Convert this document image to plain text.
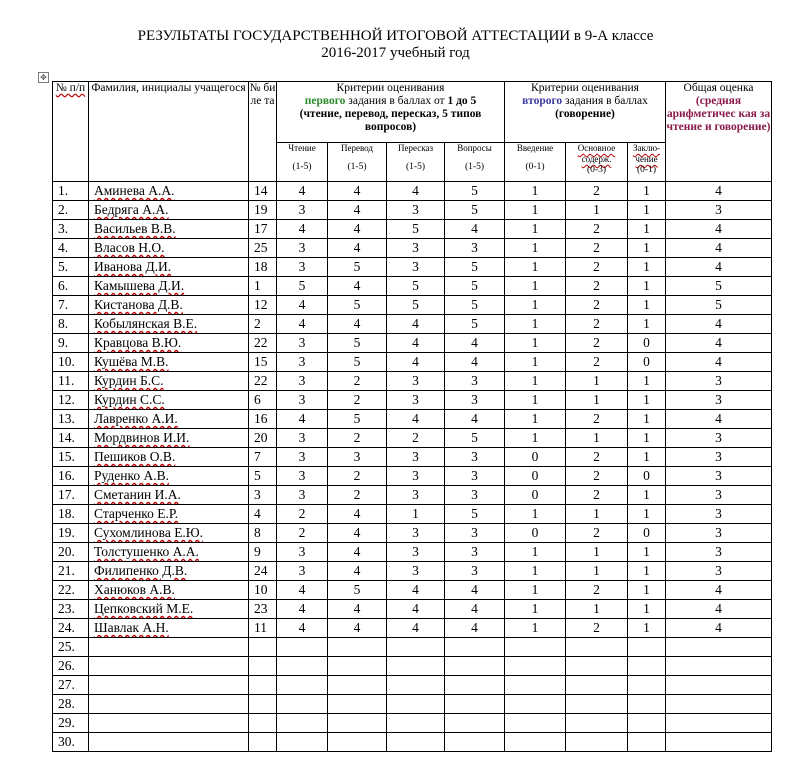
РЕЗУЛЬТАТЫ ГОСУДАРСТВЕННОЙ ИТОГОВОЙ АТТЕСТАЦИИ в 9-А классе
2016-2017 учебный год
✥
№ п/п	Фамилия, инициалы учащегося	№ би ле та	Критерии оценивания
первого задания в баллах от 1 до 5
(чтение, перевод, пересказ, 5 типов вопросов)				Критерии оценивания
второго задания в баллах
(говорение)			Общая оценка
(средняя арифметичес кая за чтение и говорение)
			Чтение
(1-5)	Перевод
(1-5)	Пересказ
(1-5)	Вопросы
(1-5)	Введение
(0-1)	Основное содерж.
(0-3)	Заклю- чение
(0-1)	

1.	Аминева А.А.	14	4	4	4	5	1	2	1	4
2.	Бедряга А.А.	19	3	4	3	5	1	1	1	3
3.	Васильев В.В.	17	4	4	5	4	1	2	1	4
4.	Власов Н.О.	25	3	4	3	3	1	2	1	4
5.	Иванова Д.И.	18	3	5	3	5	1	2	1	4
6.	Камышева Д.И.	1	5	4	5	5	1	2	1	5
7.	Кистанова Д.В.	12	4	5	5	5	1	2	1	5
8.	Кобылянская В.Е.	2	4	4	4	5	1	2	1	4
9.	Кравцова В.Ю.	22	3	5	4	4	1	2	0	4
10.	Кушёва М.В.	15	3	5	4	4	1	2	0	4
11.	Курдин Б.С.	22	3	2	3	3	1	1	1	3
12.	Курдин С.С.	6	3	2	3	3	1	1	1	3
13.	Лавренко А.И.	16	4	5	4	4	1	2	1	4
14.	Мордвинов И.И.	20	3	2	2	5	1	1	1	3
15.	Пешиков О.В.	7	3	3	3	3	0	2	1	3
16.	Руденко А.В.	5	3	2	3	3	0	2	0	3
17.	Сметанин И.А.	3	3	2	3	3	0	2	1	3
18.	Старченко Е.Р.	4	2	4	1	5	1	1	1	3
19.	Сухомлинова Е.Ю.	8	2	4	3	3	0	2	0	3
20.	Толстушенко А.А.	9	3	4	3	3	1	1	1	3
21.	Филипенко Д.В.	24	3	4	3	3	1	1	1	3
22.	Ханюков А.В.	10	4	5	4	4	1	2	1	4
23.	Цепковский М.Е.	23	4	4	4	4	1	1	1	4
24.	Шавлак А.Н.	11	4	4	4	4	1	2	1	4
25.										
26.										
27.										
28.										
29.										
30.										
